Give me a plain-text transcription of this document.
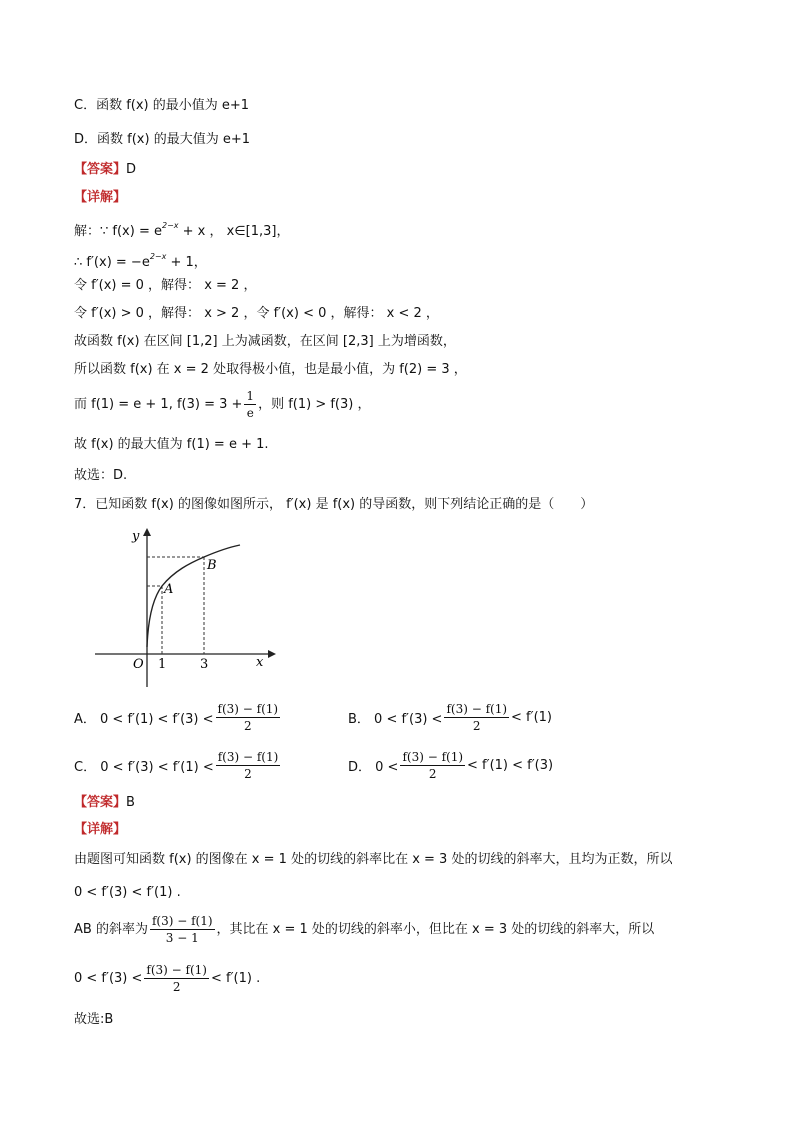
C．函数 f(x) 的最小值为 e+1
D．函数 f(x) 的最大值为 e+1
【答案】D
【详解】
解：∵ $f(x) = e^{2-x} + x$ ， x∈[1,3]，
∴ $f'(x) = -e^{2-x} + 1$，
令 f′(x) = 0 ，解得： x = 2 ，
令 f′(x) > 0 ，解得： x > 2 ，令 f′(x) < 0 ，解得： x < 2 ，
故函数 f(x) 在区间 [1,2] 上为减函数，在区间 [2,3] 上为增函数，
所以函数 f(x) 在 x = 2 处取得极小值，也是最小值，为 f(2) = 3 ，
而 f(1) = e + 1, $f(3) = 3 + \frac{1}{e}$ ，则 f(1) > f(3) ，
故 f(x) 的最大值为 f(1) = e + 1.
故选：D.
7．已知函数 f(x) 的图像如图所示， f′(x) 是 f(x) 的导函数，则下列结论正确的是（　　）
y
x
O 1	3
A
B
A． $0 < f'(1) < f'(3) < \frac{f(3) - f(1)}{2}$	B． $0 < f'(3) < \frac{f(3) - f(1)}{2} < f'(1)$
C． $0 < f'(3) < f'(1) < \frac{f(3) - f(1)}{2}$	D． $0 < \frac{f(3) - f(1)}{2} < f'(1) < f'(3)$
【答案】B
【详解】
由题图可知函数 f(x) 的图像在 x = 1 处的切线的斜率比在 x = 3 处的切线的斜率大，且均为正数，所以
0 < f′(3) < f′(1) .
AB 的斜率为 $\frac{f(3) - f(1)}{3 - 1}$ ，其比在 x = 1 处的切线的斜率小，但比在 x = 3 处的切线的斜率大，所以
$0 < f'(3) < \frac{f(3) - f(1)}{2} < f'(1)$ .
故选:B
